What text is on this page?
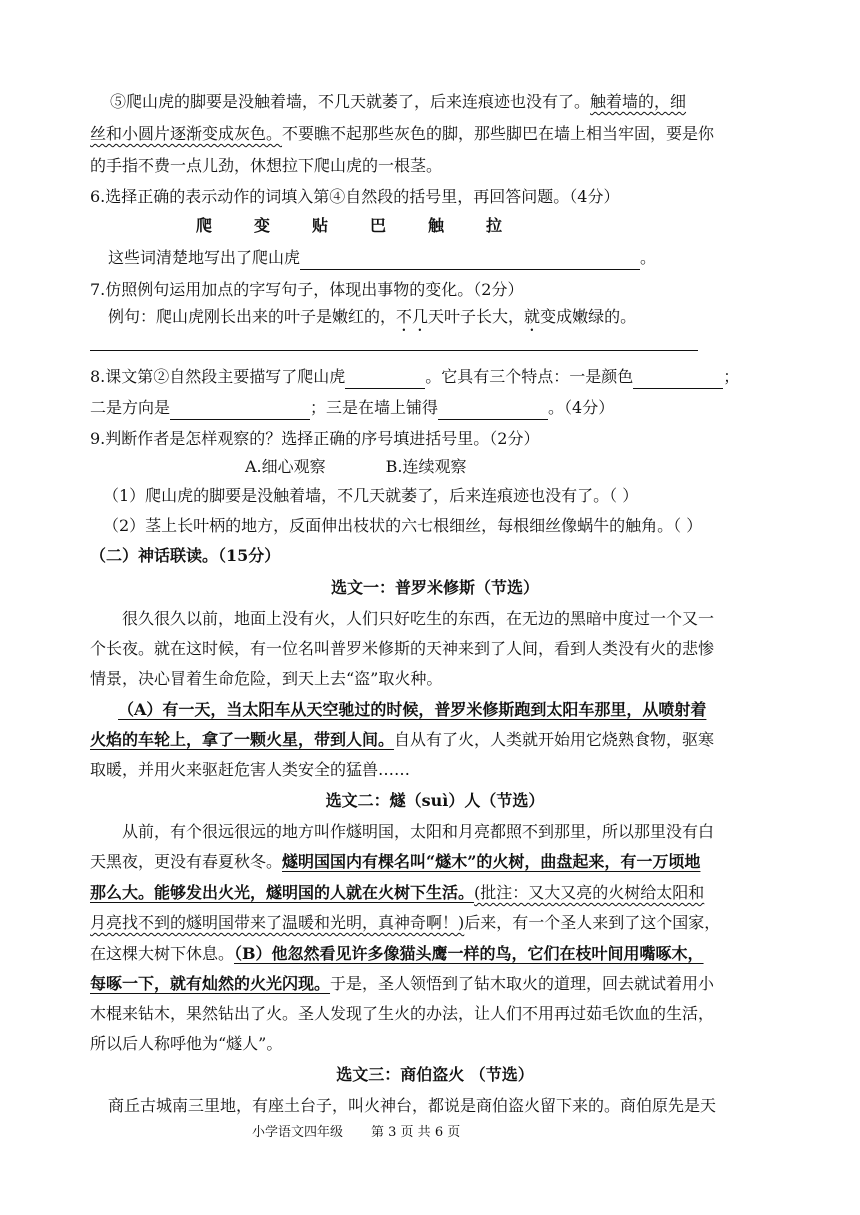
⑤爬山虎的脚要是没触着墙，不几天就萎了，后来连痕迹也没有了。触着墙的，细
丝和小圆片逐渐变成灰色。不要瞧不起那些灰色的脚，那些脚巴在墙上相当牢固，要是你
的手指不费一点儿劲，休想拉下爬山虎的一根茎。
6.选择正确的表示动作的词填入第④自然段的括号里，再回答问题。（4分）
爬	变	贴	巴	触	拉
这些词清楚地写出了爬山虎	。
7.仿照例句运用加点的字写句子，体现出事物的变化。（2分）
例句：爬山虎刚长出来的叶子是嫩红的，不几天叶子长大，就变成嫩绿的。
8.课文第②自然段主要描写了爬山虎	。它具有三个特点：一是颜色	；
二是方向是	；三是在墙上铺得	。（4分）
9.判断作者是怎样观察的？选择正确的序号填进括号里。（2分）
A.细心观察	B.连续观察
（1）爬山虎的脚要是没触着墙，不几天就萎了，后来连痕迹也没有了。（ ）
（2）茎上长叶柄的地方，反面伸出枝状的六七根细丝，每根细丝像蜗牛的触角。（ ）
（二）神话联读。（15分）
选文一：普罗米修斯（节选）
很久很久以前，地面上没有火，人们只好吃生的东西，在无边的黑暗中度过一个又一
个长夜。就在这时候，有一位名叫普罗米修斯的天神来到了人间，看到人类没有火的悲惨
情景，决心冒着生命危险，到天上去“盗”取火种。
（A）有一天，当太阳车从天空驰过的时候，普罗米修斯跑到太阳车那里，从喷射着
火焰的车轮上，拿了一颗火星，带到人间。自从有了火，人类就开始用它烧熟食物，驱寒
取暖，并用火来驱赶危害人类安全的猛兽……
选文二：燧（suì）人（节选）
从前，有个很远很远的地方叫作燧明国，太阳和月亮都照不到那里，所以那里没有白
天黑夜，更没有春夏秋冬。燧明国国内有棵名叫“燧木”的火树，曲盘起来，有一万顷地
那么大。能够发出火光，燧明国的人就在火树下生活。(批注：又大又亮的火树给太阳和
月亮找不到的燧明国带来了温暖和光明，真神奇啊！)后来，有一个圣人来到了这个国家，
在这棵大树下休息。（B）他忽然看见许多像猫头鹰一样的鸟，它们在枝叶间用嘴啄木，
每啄一下，就有灿然的火光闪现。于是，圣人领悟到了钻木取火的道理，回去就试着用小
木棍来钻木，果然钻出了火。圣人发现了生火的办法，让人们不用再过茹毛饮血的生活，
所以后人称呼他为“燧人”。
选文三：商伯盗火 （节选）
商丘古城南三里地，有座土台子，叫火神台，都说是商伯盗火留下来的。商伯原先是天
小学语文四年级 第 3 页 共 6 页
